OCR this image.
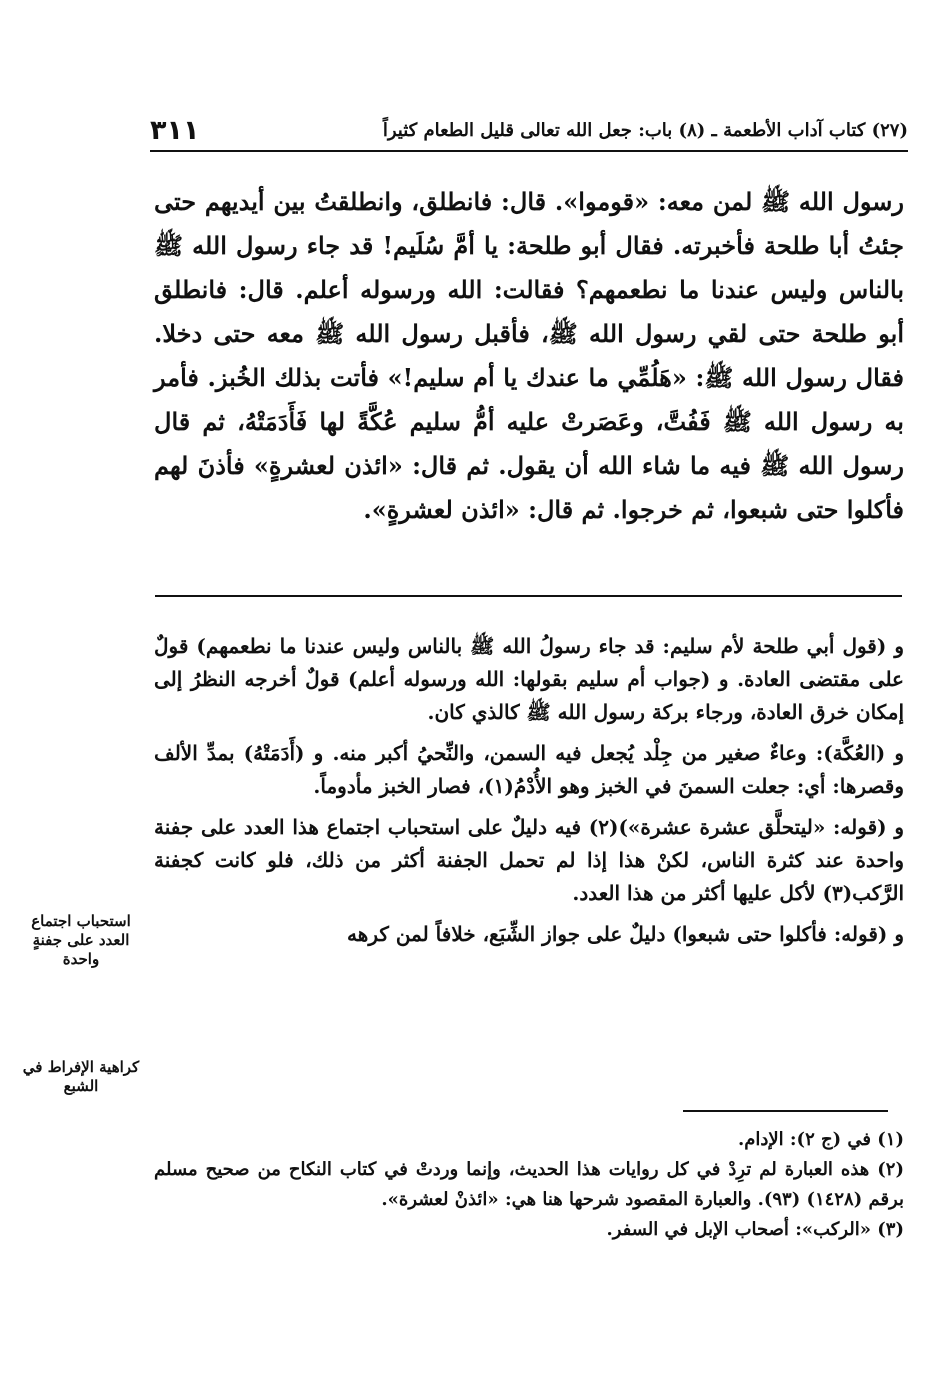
(٢٧) كتاب آداب الأطعمة ـ (٨) باب: جعل الله تعالى قليل الطعام كثيراً
٣١١

رسول الله ﷺ لمن معه: «قوموا». قال: فانطلق، وانطلقتُ بين أيديهم حتى جئتُ أبا طلحة فأخبرته. فقال أبو طلحة: يا أمَّ سُلَيم! قد جاء رسول الله ﷺ بالناس وليس عندنا ما نطعمهم؟ فقالت: الله ورسوله أعلم. قال: فانطلق أبو طلحة حتى لقي رسول الله ﷺ، فأقبل رسول الله ﷺ معه حتى دخلا. فقال رسول الله ﷺ: «هَلُمِّي ما عندك يا أم سليم!» فأتت بذلك الخُبز. فأمر به رسول الله ﷺ فَفُتَّ، وعَصَرتْ عليه أمُّ سليم عُكَّةً لها فَأَدَمَتْهُ، ثم قال رسول الله ﷺ فيه ما شاء الله أن يقول. ثم قال: «ائذن لعشرةٍ» فأذنَ لهم فأكلوا حتى شبعوا، ثم خرجوا. ثم قال: «ائذن لعشرةٍ».

و (قول أبي طلحة لأم سليم: قد جاء رسولُ الله ﷺ بالناس وليس عندنا ما نطعمهم) قولٌ على مقتضى العادة. و (جواب أم سليم بقولها: الله ورسوله أعلم) قولٌ أخرجه النظرُ إلى إمكان خرق العادة، ورجاء بركة رسول الله ﷺ كالذي كان.

و (العُكَّة): وعاءٌ صغير من جِلْد يُجعل فيه السمن، والنِّحيُ أكبر منه. و (أَدَمَتْهُ) بمدِّ الألف وقصرها: أي: جعلت السمنَ في الخبز وهو الأُدْمُ(١)، فصار الخبز مأدوماً.

و (قوله: «ليتحلَّق عشرة عشرة»)(٢) فيه دليلٌ على استحباب اجتماع هذا العدد على جفنة واحدة عند كثرة الناس، لكنْ هذا إذا لم تحمل الجفنة أكثر من ذلك، فلو كانت كجفنة الرَّكب(٣) لأكل عليها أكثر من هذا العدد.

و (قوله: فأكلوا حتى شبعوا) دليلٌ على جواز الشِّبَع، خلافاً لمن كرهه

استحباب اجتماع العدد على جفنةٍ واحدة
كراهية الإفراط في الشبع

(١) في (ج ٢): الإدام.

(٢) هذه العبارة لم ترِدْ في كل روايات هذا الحديث، وإنما وردتْ في كتاب النكاح من صحيح مسلم برقم (١٤٢٨) (٩٣). والعبارة المقصود شرحها هنا هي: «ائذنْ لعشرة».

(٣) «الركب»: أصحاب الإبل في السفر.
